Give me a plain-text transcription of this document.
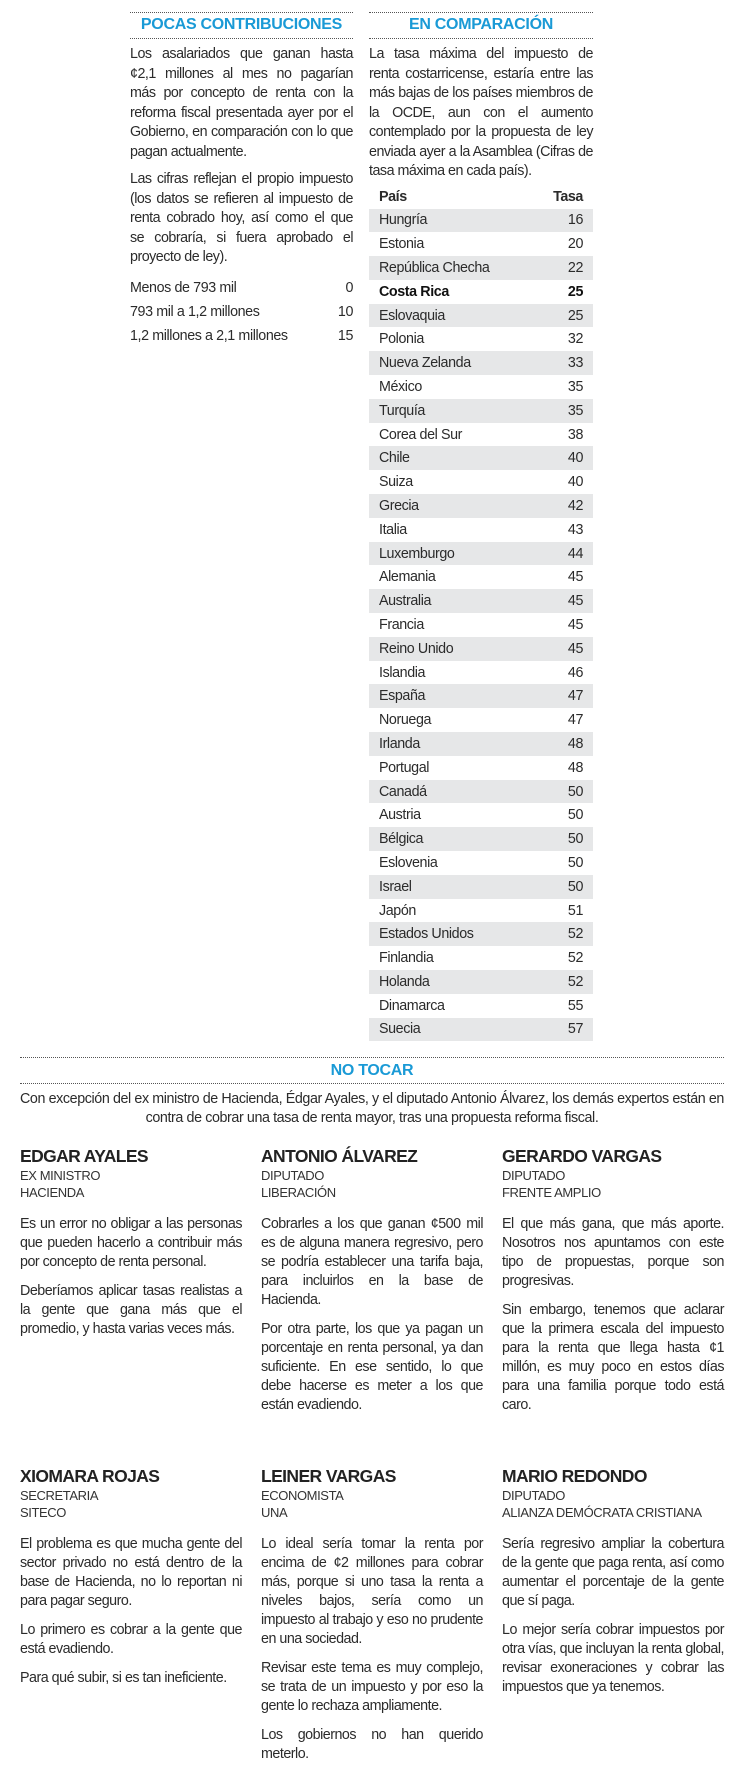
POCAS CONTRIBUCIONES

Los asalariados que ganan hasta ¢2,1 millones al mes no pagarían más por concepto de renta con la reforma fiscal presentada ayer por el Gobierno, en comparación con lo que pagan actualmente.

Las cifras reflejan el propio impuesto (los datos se refieren al impuesto de renta cobrado hoy, así como el que se cobraría, si fuera aprobado el proyecto de ley).

Menos de 793 mil	0
793 mil a 1,2 millones	10
1,2 millones a 2,1 millones	15
EN COMPARACIÓN

La tasa máxima del impuesto de renta costarricense, estaría entre las más bajas de los países miembros de la OCDE, aun con el aumento contemplado por la propuesta de ley enviada ayer a la Asamblea (Cifras de tasa máxima en cada país).

País	Tasa
Hungría	16
Estonia	20
República Checha	22
Costa Rica	25
Eslovaquia	25
Polonia	32
Nueva Zelanda	33
México	35
Turquía	35
Corea del Sur	38
Chile	40
Suiza	40
Grecia	42
Italia	43
Luxemburgo	44
Alemania	45
Australia	45
Francia	45
Reino Unido	45
Islandia	46
España	47
Noruega	47
Irlanda	48
Portugal	48
Canadá	50
Austria	50
Bélgica	50
Eslovenia	50
Israel	50
Japón	51
Estados Unidos	52
Finlandia	52
Holanda	52
Dinamarca	55
Suecia	57
NO TOCAR

Con excepción del ex ministro de Hacienda, Édgar Ayales, y el diputado Antonio Álvarez, los demás expertos están en contra de cobrar una tasa de renta mayor, tras una propuesta reforma fiscal.

EDGAR AYALES
EX MINISTRO
HACIENDA

Es un error no obligar a las personas que pueden hacerlo a contribuir más por concepto de renta personal.

Deberíamos aplicar tasas realistas a la gente que gana más que el promedio, y hasta varias veces más.

ANTONIO ÁLVAREZ
DIPUTADO
LIBERACIÓN

Cobrarles a los que ganan ¢500 mil es de alguna manera regresivo, pero se podría establecer una tarifa baja, para incluirlos en la base de Hacienda.

Por otra parte, los que ya pagan un porcentaje en renta personal, ya dan suficiente. En ese sentido, lo que debe hacerse es meter a los que están evadiendo.

GERARDO VARGAS
DIPUTADO
FRENTE AMPLIO

El que más gana, que más aporte. Nosotros nos apuntamos con este tipo de propuestas, porque son progresivas.

Sin embargo, tenemos que aclarar que la primera escala del impuesto para la renta que llega hasta ¢1 millón, es muy poco en estos días para una familia porque todo está caro.

XIOMARA ROJAS
SECRETARIA
SITECO

El problema es que mucha gente del sector privado no está dentro de la base de Hacienda, no lo reportan ni para pagar seguro.

Lo primero es cobrar a la gente que está evadiendo.

Para qué subir, si es tan ineficiente.

LEINER VARGAS
ECONOMISTA
UNA

Lo ideal sería tomar la renta por encima de ¢2 millones para cobrar más, porque si uno tasa la renta a niveles bajos, sería como un impuesto al trabajo y eso no prudente en una sociedad.

Revisar este tema es muy complejo, se trata de un impuesto y por eso la gente lo rechaza ampliamente.

Los gobiernos no han querido meterlo.

MARIO REDONDO
DIPUTADO
ALIANZA DEMÓCRATA CRISTIANA

Sería regresivo ampliar la cobertura de la gente que paga renta, así como aumentar el porcentaje de la gente que sí paga.

Lo mejor sería cobrar impuestos por otra vías, que incluyan la renta global, revisar exoneraciones y cobrar las impuestos que ya tenemos.
